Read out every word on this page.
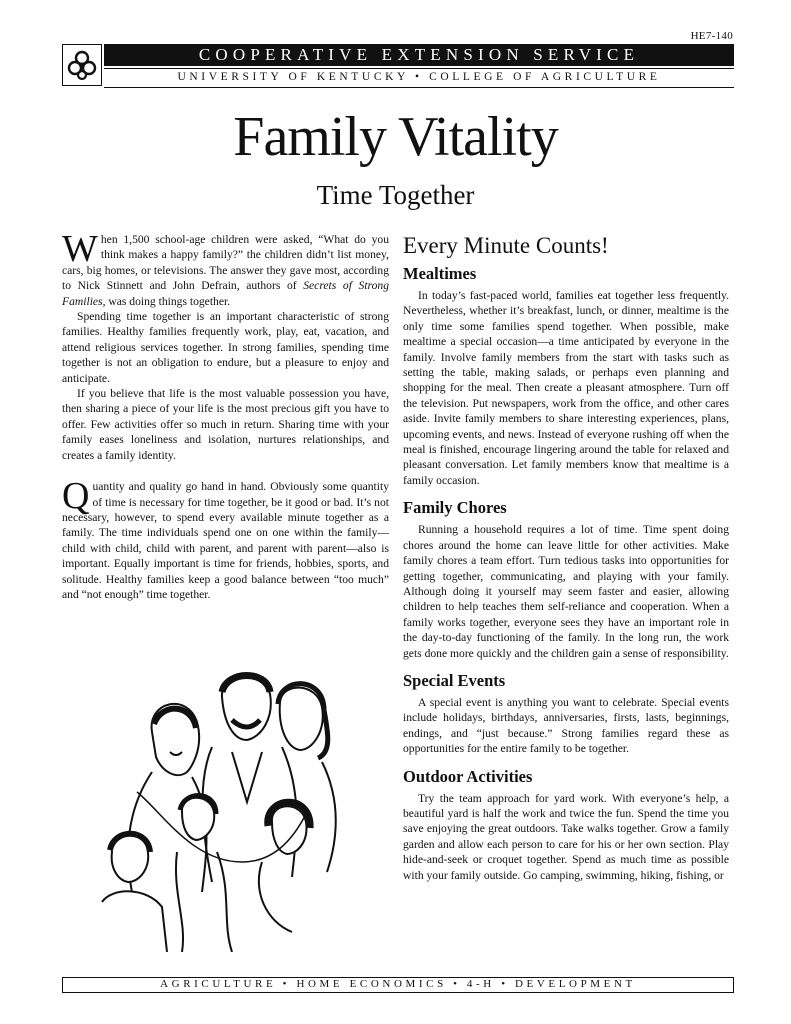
HE7-140
COOPERATIVE EXTENSION SERVICE
UNIVERSITY OF KENTUCKY • COLLEGE OF AGRICULTURE
Family Vitality
Time Together

When 1,500 school-age children were asked, “What do you think makes a happy family?” the children didn’t list money, cars, big homes, or televisions. The answer they gave most, according to Nick Stinnett and John Defrain, authors of Secrets of Strong Families, was doing things together.

Spending time together is an important characteristic of strong families. Healthy families frequently work, play, eat, vacation, and attend religious services together. In strong families, spending time together is not an obligation to endure, but a pleasure to enjoy and anticipate.

If you believe that life is the most valuable possession you have, then sharing a piece of your life is the most precious gift you have to offer. Few activities offer so much in return. Sharing time with your family eases loneliness and isolation, nurtures relationships, and creates a family identity.

Quantity and quality go hand in hand. Obviously some quantity of time is necessary for time together, be it good or bad. It’s not necessary, however, to spend every available minute together as a family. The time individuals spend one on one within the family—child with child, child with parent, and parent with parent—also is important. Equally important is time for friends, hobbies, sports, and solitude. Healthy families keep a good balance between “too much” and “not enough” time together.

Every Minute Counts!
Mealtimes

In today’s fast-paced world, families eat together less frequently. Nevertheless, whether it’s breakfast, lunch, or dinner, mealtime is the only time some families spend together. When possible, make mealtime a special occasion—a time anticipated by everyone in the family. Involve family members from the start with tasks such as setting the table, making salads, or perhaps even planning and shopping for the meal. Then create a pleasant atmosphere. Turn off the television. Put newspapers, work from the office, and other cares aside. Invite family members to share interesting experiences, plans, upcoming events, and news. Instead of everyone rushing off when the meal is finished, encourage lingering around the table for relaxed and pleasant conversation. Let family members know that mealtime is a family occasion.

Family Chores

Running a household requires a lot of time. Time spent doing chores around the home can leave little for other activities. Make family chores a team effort. Turn tedious tasks into opportunities for getting together, communicating, and playing with your family. Although doing it yourself may seem faster and easier, allowing children to help teaches them self-reliance and cooperation. When a family works together, everyone sees they have an important role in the day-to-day functioning of the family. In the long run, the work gets done more quickly and the children gain a sense of responsibility.

Special Events

A special event is anything you want to celebrate. Special events include holidays, birthdays, anniversaries, firsts, lasts, beginnings, endings, and “just because.” Strong families regard these as opportunities for the entire family to be together.

Outdoor Activities

Try the team approach for yard work. With everyone’s help, a beautiful yard is half the work and twice the fun. Spend the time you save enjoying the great outdoors. Take walks together. Grow a family garden and allow each person to care for his or her own section. Play hide-and-seek or croquet together. Spend as much time as possible with your family outside. Go camping, swimming, hiking, fishing, or

AGRICULTURE • HOME ECONOMICS • 4-H • DEVELOPMENT
